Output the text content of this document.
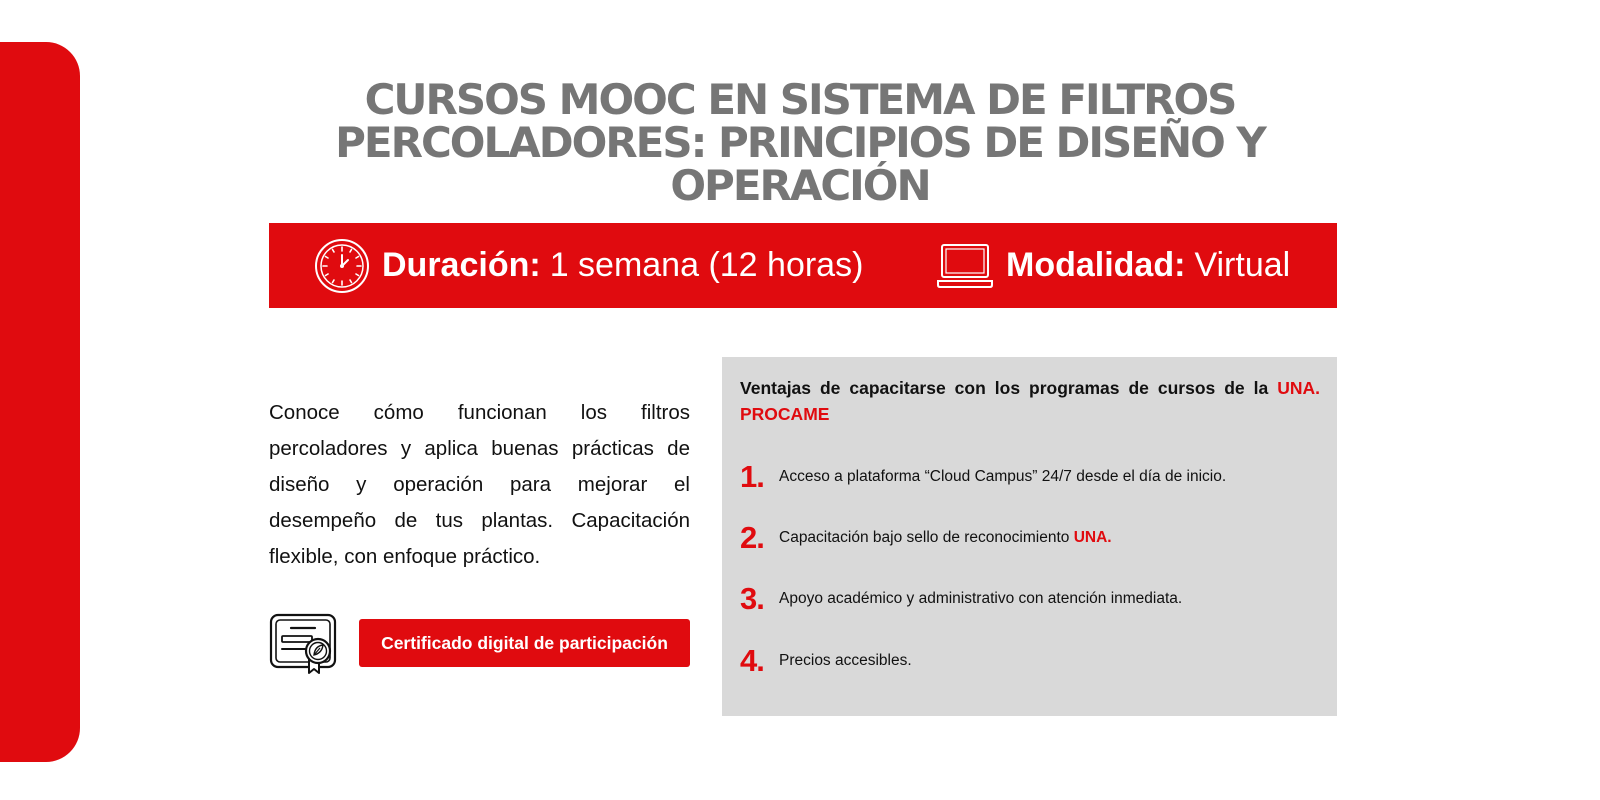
CURSOS MOOC EN SISTEMA DE FILTROS
PERCOLADORES: PRINCIPIOS DE DISEÑO Y
OPERACIÓN
Duración: 1 semana (12 horas)	Modalidad: Virtual

Conoce cómo funcionan los filtros percoladores y aplica buenas prácticas de diseño y operación para mejorar el desempeño de tus plantas. Capacitación flexible, con enfoque práctico.

Certificado digital de participación

Ventajas de capacitarse con los programas de cursos de la UNA. PROCAME

1. Acceso a plataforma “Cloud Campus” 24/7 desde el día de inicio.
2. Capacitación bajo sello de reconocimiento UNA.
3. Apoyo académico y administrativo con atención inmediata.
4. Precios accesibles.
